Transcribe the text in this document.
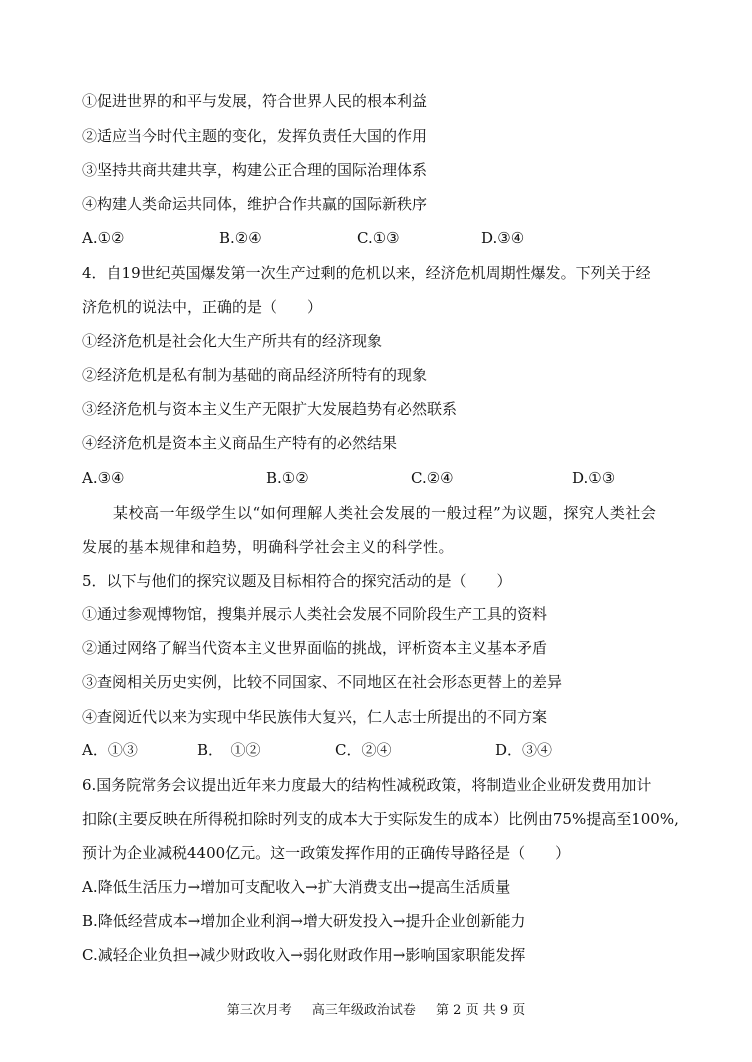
①促进世界的和平与发展，符合世界人民的根本利益
②适应当今时代主题的变化，发挥负责任大国的作用
③坚持共商共建共享，构建公正合理的国际治理体系
④构建人类命运共同体，维护合作共赢的国际新秩序
A.①②	B.②④	C.①③	D.③④
4．自19世纪英国爆发第一次生产过剩的危机以来，经济危机周期性爆发。下列关于经
济危机的说法中，正确的是（　　）
①经济危机是社会化大生产所共有的经济现象
②经济危机是私有制为基础的商品经济所特有的现象
③经济危机与资本主义生产无限扩大发展趋势有必然联系
④经济危机是资本主义商品生产特有的必然结果
A.③④	B.①②	C.②④	D.①③
某校高一年级学生以“如何理解人类社会发展的一般过程”为议题，探究人类社会
发展的基本规律和趋势，明确科学社会主义的科学性。
5．以下与他们的探究议题及目标相符合的探究活动的是（　　）
①通过参观博物馆，搜集并展示人类社会发展不同阶段生产工具的资料
②通过网络了解当代资本主义世界面临的挑战，评析资本主义基本矛盾
③查阅相关历史实例，比较不同国家、不同地区在社会形态更替上的差异
④查阅近代以来为实现中华民族伟大复兴，仁人志士所提出的不同方案
A．①③	B．　①②	C．②④	D．③④
6.国务院常务会议提出近年来力度最大的结构性减税政策，将制造业企业研发费用加计
扣除(主要反映在所得税扣除时列支的成本大于实际发生的成本）比例由75%提高至100%,
预计为企业减税4400亿元。这一政策发挥作用的正确传导路径是（　　）
A.降低生活压力→增加可支配收入→扩大消费支出→提高生活质量
B.降低经营成本→增加企业利润→增大研发投入→提升企业创新能力
C.减轻企业负担→减少财政收入→弱化财政作用→影响国家职能发挥
第三次月考 高三年级政治试卷 第 2 页 共 9 页
